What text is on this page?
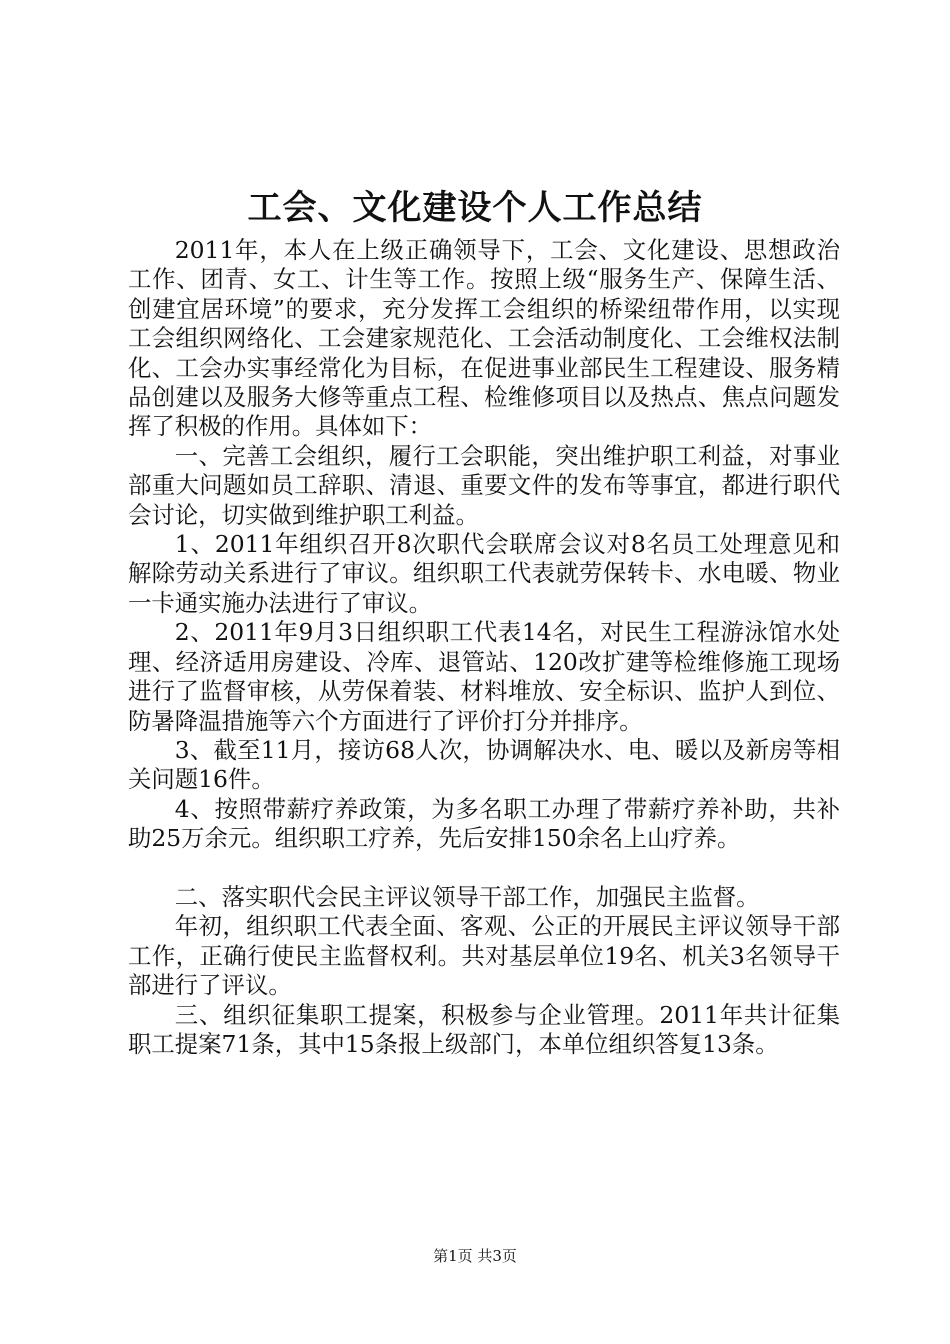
工会、文化建设个人工作总结

2011年，本人在上级正确领导下，工会、文化建设、思想政治工作、团青、女工、计生等工作。按照上级“服务生产、保障生活、创建宜居环境”的要求，充分发挥工会组织的桥梁纽带作用，以实现工会组织网络化、工会建家规范化、工会活动制度化、工会维权法制化、工会办实事经常化为目标，在促进事业部民生工程建设、服务精品创建以及服务大修等重点工程、检维修项目以及热点、焦点问题发挥了积极的作用。具体如下：

一、完善工会组织，履行工会职能，突出维护职工利益，对事业部重大问题如员工辞职、清退、重要文件的发布等事宜，都进行职代会讨论，切实做到维护职工利益。

1、2011年组织召开8次职代会联席会议对8名员工处理意见和解除劳动关系进行了审议。组织职工代表就劳保转卡、水电暖、物业一卡通实施办法进行了审议。

2、2011年9月3日组织职工代表14名，对民生工程游泳馆水处理、经济适用房建设、冷库、退管站、120改扩建等检维修施工现场进行了监督审核，从劳保着装、材料堆放、安全标识、监护人到位、防暑降温措施等六个方面进行了评价打分并排序。

3、截至11月，接访68人次，协调解决水、电、暖以及新房等相关问题16件。

4、按照带薪疗养政策，为多名职工办理了带薪疗养补助，共补助25万余元。组织职工疗养，先后安排150余名上山疗养。

二、落实职代会民主评议领导干部工作，加强民主监督。

年初，组织职工代表全面、客观、公正的开展民主评议领导干部工作，正确行使民主监督权利。共对基层单位19名、机关3名领导干部进行了评议。

三、组织征集职工提案，积极参与企业管理。2011年共计征集职工提案71条，其中15条报上级部门，本单位组织答复13条。

第1页 共3页
